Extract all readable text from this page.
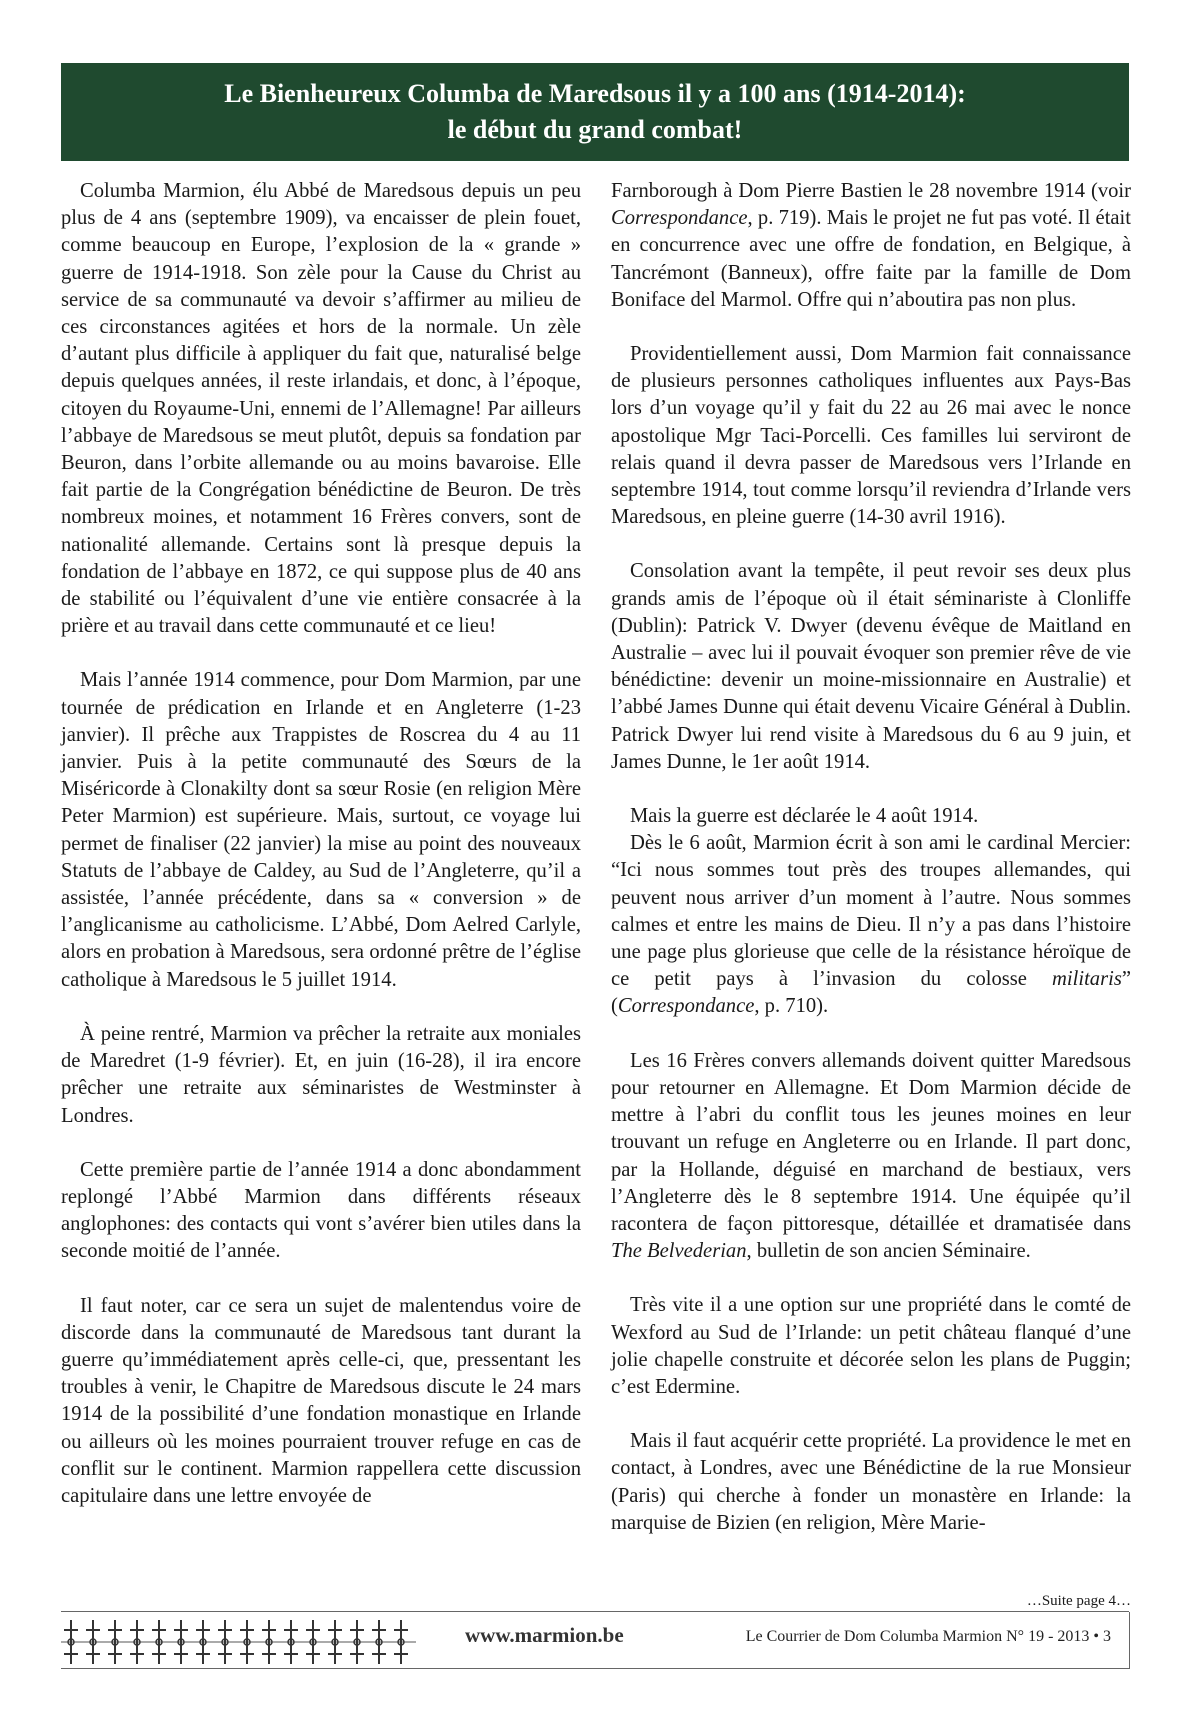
Le Bienheureux Columba de Maredsous il y a 100 ans (1914-2014):
le début du grand combat!

Columba Marmion, élu Abbé de Maredsous depuis un peu plus de 4 ans (septembre 1909), va encaisser de plein fouet, comme beaucoup en Europe, l’explosion de la « grande » guerre de 1914-1918. Son zèle pour la Cause du Christ au service de sa communauté va devoir s’affirmer au milieu de ces circonstances agitées et hors de la normale. Un zèle d’autant plus difficile à appliquer du fait que, naturalisé belge depuis quelques années, il reste irlandais, et donc, à l’époque, citoyen du Royaume-Uni, ennemi de l’Allemagne! Par ailleurs l’abbaye de Maredsous se meut plutôt, depuis sa fondation par Beuron, dans l’orbite allemande ou au moins bavaroise. Elle fait partie de la Congrégation bénédictine de Beuron. De très nombreux moines, et notamment 16 Frères convers, sont de nationalité allemande. Certains sont là presque depuis la fondation de l’abbaye en 1872, ce qui suppose plus de 40 ans de stabilité ou l’équivalent d’une vie entière consacrée à la prière et au travail dans cette communauté et ce lieu!

Mais l’année 1914 commence, pour Dom Marmion, par une tournée de prédication en Irlande et en Angleterre (1-23 janvier). Il prêche aux Trappistes de Roscrea du 4 au 11 janvier. Puis à la petite communauté des Sœurs de la Miséricorde à Clonakilty dont sa sœur Rosie (en religion Mère Peter Marmion) est supérieure. Mais, surtout, ce voyage lui permet de finaliser (22 janvier) la mise au point des nouveaux Statuts de l’abbaye de Caldey, au Sud de l’Angleterre, qu’il a assistée, l’année précédente, dans sa « conversion » de l’anglicanisme au catholicisme. L’Abbé, Dom Aelred Carlyle, alors en probation à Maredsous, sera ordonné prêtre de l’église catholique à Maredsous le 5 juillet 1914.

À peine rentré, Marmion va prêcher la retraite aux moniales de Maredret (1-9 février). Et, en juin (16-28), il ira encore prêcher une retraite aux séminaristes de Westminster à Londres.

Cette première partie de l’année 1914 a donc abondamment replongé l’Abbé Marmion dans différents réseaux anglophones: des contacts qui vont s’avérer bien utiles dans la seconde moitié de l’année.

Il faut noter, car ce sera un sujet de malentendus voire de discorde dans la communauté de Maredsous tant durant la guerre qu’immédiatement après celle-ci, que, pressentant les troubles à venir, le Chapitre de Maredsous discute le 24 mars 1914 de la possibilité d’une fondation monastique en Irlande ou ailleurs où les moines pourraient trouver refuge en cas de conflit sur le continent. Marmion rappellera cette discussion capitulaire dans une lettre envoyée de

Farnborough à Dom Pierre Bastien le 28 novembre 1914 (voir Correspondance, p. 719). Mais le projet ne fut pas voté. Il était en concurrence avec une offre de fondation, en Belgique, à Tancrémont (Banneux), offre faite par la famille de Dom Boniface del Marmol. Offre qui n’aboutira pas non plus.

Providentiellement aussi, Dom Marmion fait connaissance de plusieurs personnes catholiques influentes aux Pays-Bas lors d’un voyage qu’il y fait du 22 au 26 mai avec le nonce apostolique Mgr Taci-Porcelli. Ces familles lui serviront de relais quand il devra passer de Maredsous vers l’Irlande en septembre 1914, tout comme lorsqu’il reviendra d’Irlande vers Maredsous, en pleine guerre (14-30 avril 1916).

Consolation avant la tempête, il peut revoir ses deux plus grands amis de l’époque où il était séminariste à Clonliffe (Dublin): Patrick V. Dwyer (devenu évêque de Maitland en Australie – avec lui il pouvait évoquer son premier rêve de vie bénédictine: devenir un moine-missionnaire en Australie) et l’abbé James Dunne qui était devenu Vicaire Général à Dublin. Patrick Dwyer lui rend visite à Maredsous du 6 au 9 juin, et James Dunne, le 1er août 1914.

Mais la guerre est déclarée le 4 août 1914.

Dès le 6 août, Marmion écrit à son ami le cardinal Mercier: “Ici nous sommes tout près des troupes allemandes, qui peuvent nous arriver d’un moment à l’autre. Nous sommes calmes et entre les mains de Dieu. Il n’y a pas dans l’histoire une page plus glorieuse que celle de la résistance héroïque de ce petit pays à l’invasion du colosse militaris” (Correspondance, p. 710).

Les 16 Frères convers allemands doivent quitter Maredsous pour retourner en Allemagne. Et Dom Marmion décide de mettre à l’abri du conflit tous les jeunes moines en leur trouvant un refuge en Angleterre ou en Irlande. Il part donc, par la Hollande, déguisé en marchand de bestiaux, vers l’Angleterre dès le 8 septembre 1914. Une équipée qu’il racontera de façon pittoresque, détaillée et dramatisée dans The Belvederian, bulletin de son ancien Séminaire.

Très vite il a une option sur une propriété dans le comté de Wexford au Sud de l’Irlande: un petit château flanqué d’une jolie chapelle construite et décorée selon les plans de Puggin; c’est Edermine.

Mais il faut acquérir cette propriété. La providence le met en contact, à Londres, avec une Bénédictine de la rue Monsieur (Paris) qui cherche à fonder un monastère en Irlande: la marquise de Bizien (en religion, Mère Marie-

…Suite page 4…
www.marmion.be	Le Courrier de Dom Columba Marmion N° 19 - 2013 • 3
